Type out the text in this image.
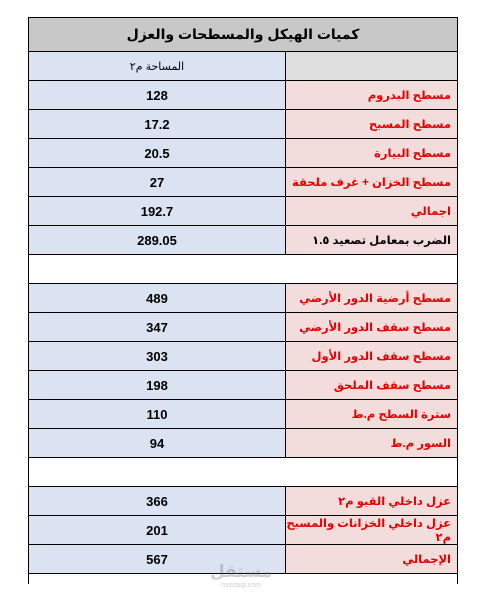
كميات الهيكل والمسطحات والعزل
المساحة م٢
128	مسطح البدروم
17.2	مسطح المسبح
20.5	مسطح البيارة
27	مسطح الخزان + غرف ملحقة
192.7	اجمالي
289.05	الضرب بمعامل تصعيد ١.٥
489	مسطح أرضية الدور الأرضي
347	مسطح سقف الدور الأرضي
303	مسطح سقف الدور الأول
198	مسطح سقف الملحق
110	سترة السطح م.ط
94	السور م.ط
366	عزل داخلي القبو م٢
201	عزل داخلي الخزانات والمسبح م٢
567	الإجمالي
مستقل
mostaql.com
